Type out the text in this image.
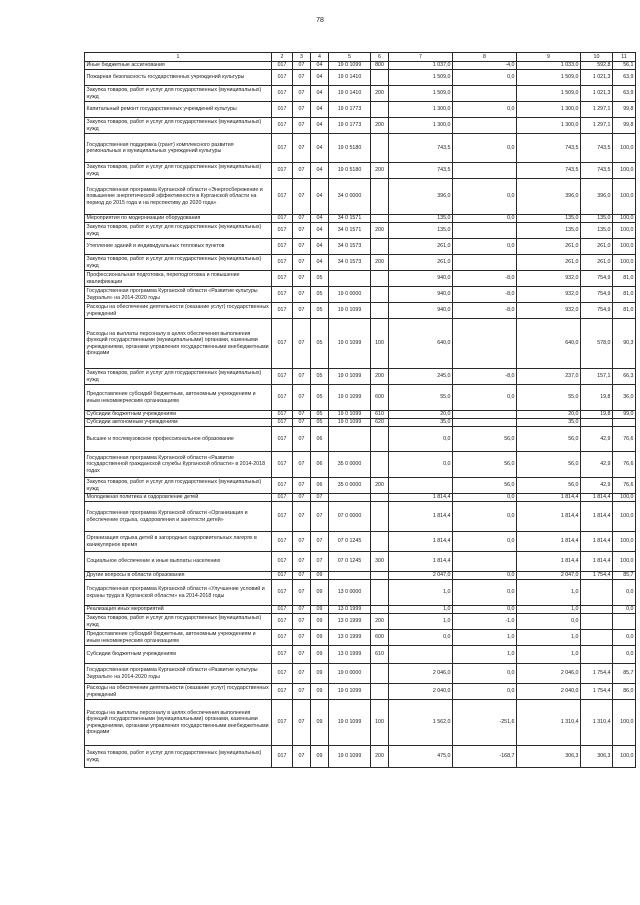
78
1	2	3	4	5	6	7	8	9	10	11
Иные бюджетные ассигнования	017	07	04	19 0 1099	800	1 037,0	-4,0	1 033,0	592,8	56,1
Пожарная безопасность государственных учреждений культуры	017	07	04	19 0 1410		1 509,0	0,0	1 509,0	1 021,3	63,9
Закупка товаров, работ и услуг для государственных (муниципальных) нужд	017	07	04	19 0 1410	200	1 509,0		1 509,0	1 021,3	63,9
Капитальный ремонт государственных учреждений культуры	017	07	04	19 0 1773		1 300,0	0,0	1 300,0	1 297,1	99,8
Закупка товаров, работ и услуг для государственных (муниципальных) нужд	017	07	04	19 0 1773	200	1 300,0		1 300,0	1 297,1	99,8
Государственная поддержка (грант) комплексного развития региональных и муниципальных учреждений культуры	017	07	04	19 0 5180		743,5	0,0	743,5	743,5	100,0
Закупка товаров, работ и услуг для государственных (муниципальных) нужд	017	07	04	19 0 5180	200	743,5		743,5	743,5	100,0
Государственная программа Курганской области «Энергосбережение и повышение энергетической эффективности в Курганской области на период до 2015 года и на перспективу до 2020 года»	017	07	04	34 0 0000		396,0	0,0	396,0	396,0	100,0
Мероприятия по модернизации оборудования	017	07	04	34 0 1571		135,0	0,0	135,0	135,0	100,0
Закупка товаров, работ и услуг для государственных (муниципальных) нужд	017	07	04	34 0 1571	200	135,0		135,0	135,0	100,0
Утепление зданий и индивидуальных тепловых пунктов	017	07	04	34 0 1573		261,0	0,0	261,0	261,0	100,0
Закупка товаров, работ и услуг для государственных (муниципальных) нужд	017	07	04	34 0 1573	200	261,0		261,0	261,0	100,0
Профессиональная подготовка, переподготовка и повышение квалификации	017	07	05			940,0	-8,0	932,0	754,9	81,0
Государственная программа Курганской области «Развитие культуры Зауралья» на 2014-2020 годы	017	07	05	19 0 0000		940,0	-8,0	932,0	754,9	81,0
Расходы на обеспечение деятельности (оказание услуг) государственных учреждений	017	07	05	19 0 1099		940,0	-8,0	932,0	754,9	81,0
Расходы на выплаты персоналу в целях обеспечения выполнения функций государственными (муниципальными) органами, казенными учреждениями, органами управления государственными внебюджетными фондами	017	07	05	19 0 1099	100	640,0		640,0	578,0	90,3
Закупка товаров, работ и услуг для государственных (муниципальных) нужд	017	07	05	19 0 1099	200	245,0	-8,0	237,0	157,1	66,3
Предоставление субсидий бюджетным, автономным учреждениям и иным некоммерческим организациям	017	07	05	19 0 1099	600	55,0	0,0	55,0	19,8	36,0
Субсидии бюджетным учреждениям	017	07	05	19 0 1099	610	20,0		20,0	19,8	99,0
Субсидии автономным учреждениям	017	07	05	19 0 1099	620	35,0		35,0		
Высшее и послевузовское профессиональное образование	017	07	06			0,0	56,0	56,0	42,9	76,6
Государственная программа Курганской области «Развитие государственной гражданской службы Курганской области» в 2014-2018 годах	017	07	06	35 0 0000		0,0	56,0	56,0	42,9	76,6
Закупка товаров, работ и услуг для государственных (муниципальных) нужд	017	07	06	35 0 0000	200		56,0	56,0	42,9	76,6
Молодежная политика и оздоровление детей	017	07	07			1 814,4	0,0	1 814,4	1 814,4	100,0
Государственная программа Курганской области «Организация и обеспечение отдыха, оздоровления и занятости детей»	017	07	07	07 0 0000		1 814,4	0,0	1 814,4	1 814,4	100,0
Организация отдыха детей в загородных оздоровительных лагерях в каникулярное время	017	07	07	07 0 1245		1 814,4	0,0	1 814,4	1 814,4	100,0
Социальное обеспечение и иные выплаты населению	017	07	07	07 0 1245	300	1 814,4		1 814,4	1 814,4	100,0
Другие вопросы в области образования	017	07	09			2 047,0	0,0	2 047,0	1 754,4	85,7
Государственная программа Курганской области «Улучшение условий и охраны труда в Курганской области» на 2014-2018 годы	017	07	09	13 0 0000		1,0	0,0	1,0		0,0
Реализация иных мероприятий	017	07	09	13 0 1999		1,0	0,0	1,0		0,0
Закупка товаров, работ и услуг для государственных (муниципальных) нужд	017	07	09	13 0 1999	200	1,0	-1,0	0,0		
Предоставление субсидий бюджетным, автономным учреждениям и иным некоммерческим организациям	017	07	09	13 0 1999	600	0,0	1,0	1,0		0,0
Субсидии бюджетным учреждениям	017	07	09	13 0 1999	610		1,0	1,0		0,0
Государственная программа Курганской области «Развитие культуры Зауралья» на 2014-2020 годы	017	07	09	19 0 0000		2 046,0	0,0	2 046,0	1 754,4	85,7
Расходы на обеспечение деятельности (оказание услуг) государственных учреждений	017	07	09	19 0 1099		2 040,0	0,0	2 040,0	1 754,4	86,0
Расходы на выплаты персоналу в целях обеспечения выполнения функций государственными (муниципальными) органами, казенными учреждениями, органами управления государственными внебюджетными фондами	017	07	09	19 0 1099	100	1 562,0	-251,6	1 310,4	1 310,4	100,0
Закупка товаров, работ и услуг для государственных (муниципальных) нужд	017	07	09	19 0 1099	200	475,0	-168,7	306,3	306,3	100,0
